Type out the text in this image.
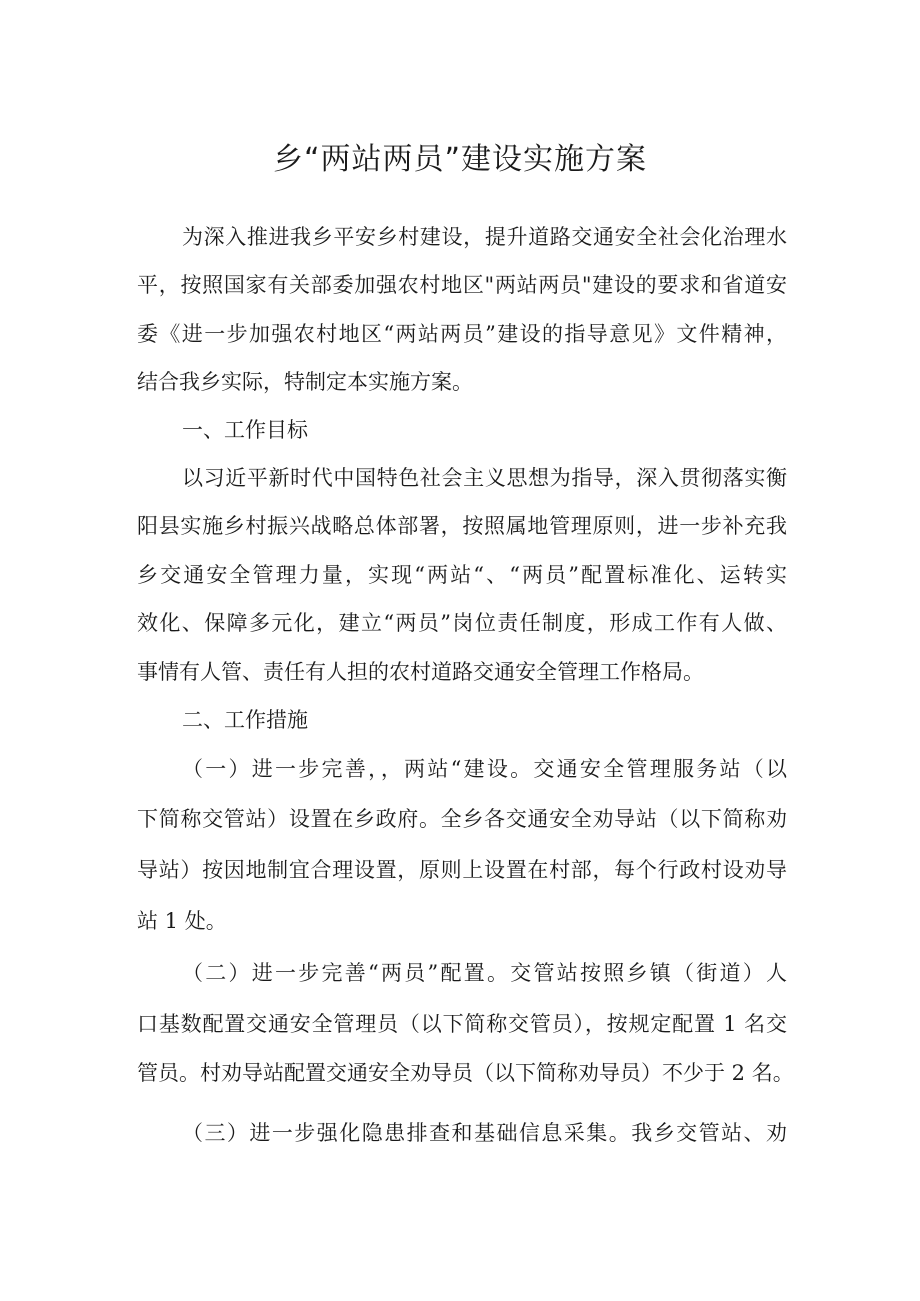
乡“两站两员”建设实施方案
为深入推进我乡平安乡村建设，提升道路交通安全社会化治理水
平，按照国家有关部委加强农村地区"两站两员"建设的要求和省道安
委《进一步加强农村地区“两站两员”建设的指导意见》文件精神，
结合我乡实际，特制定本实施方案。
一、工作目标
以习近平新时代中国特色社会主义思想为指导，深入贯彻落实衡
阳县实施乡村振兴战略总体部署，按照属地管理原则，进一步补充我
乡交通安全管理力量，实现“两站“、“两员”配置标准化、运转实
效化、保障多元化，建立“两员”岗位责任制度，形成工作有人做、
事情有人管、责任有人担的农村道路交通安全管理工作格局。
二、工作措施
（一）进一步完善，，两站“建设。交通安全管理服务站（以
下简称交管站）设置在乡政府。全乡各交通安全劝导站（以下简称劝
导站）按因地制宜合理设置，原则上设置在村部，每个行政村设劝导
站 1 处。
（二）进一步完善“两员”配置。交管站按照乡镇（街道）人
口基数配置交通安全管理员（以下简称交管员），按规定配置 1 名交
管员。村劝导站配置交通安全劝导员（以下简称劝导员）不少于 2 名。
（三）进一步强化隐患排查和基础信息采集。我乡交管站、劝
